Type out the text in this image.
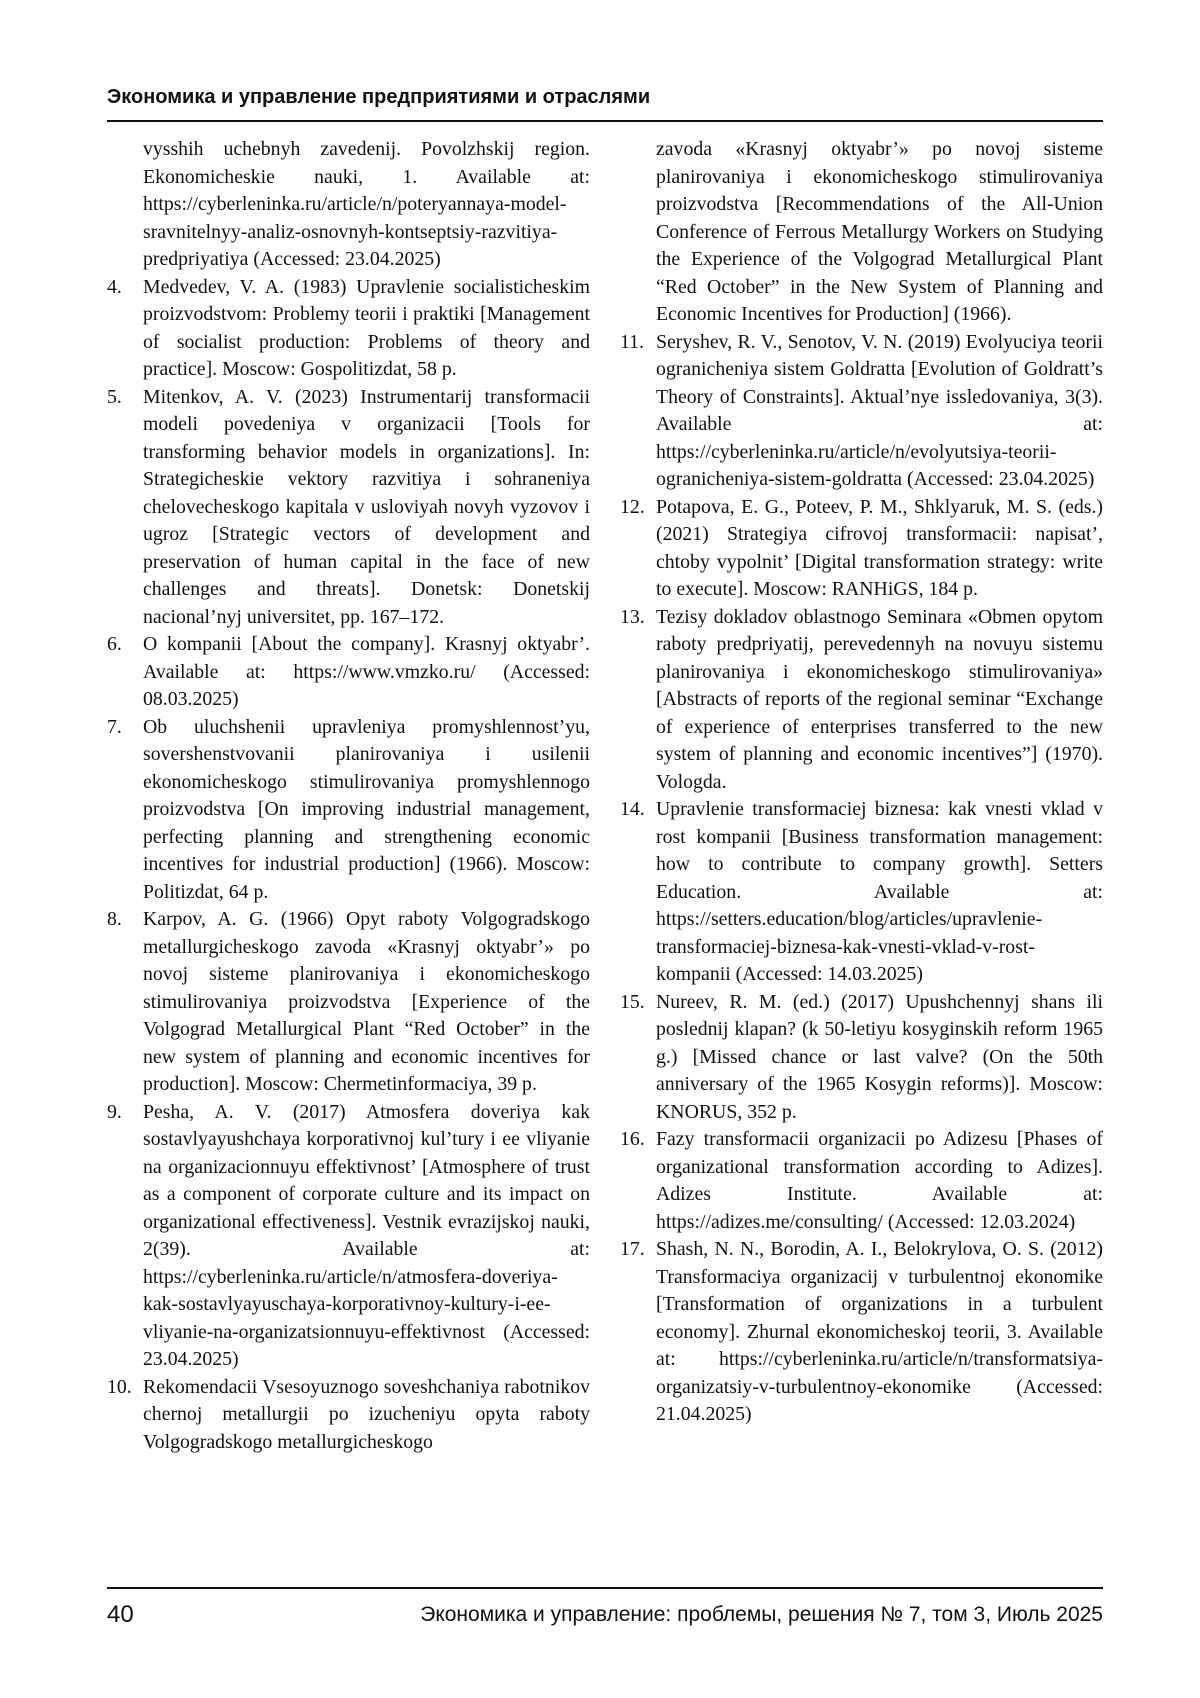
Экономика и управление предприятиями и отраслями
vysshih uchebnyh zavedenij. Povolzhskij region. Ekonomicheskie nauki, 1. Available at: https://cyberleninka.ru/article/n/poteryannaya-model-sravnitelnyy-analiz-osnovnyh-kontseptsiy-razvitiya-predpriyatiya (Accessed: 23.04.2025)
4.	Medvedev, V. A. (1983) Upravlenie socialisticheskim proizvodstvom: Problemy teorii i praktiki [Management of socialist production: Problems of theory and practice]. Moscow: Gospolitizdat, 58 p.
5.	Mitenkov, A. V. (2023) Instrumentarij transformacii modeli povedeniya v organizacii [Tools for transforming behavior models in organizations]. In: Strategicheskie vektory razvitiya i sohraneniya chelovecheskogo kapitala v usloviyah novyh vyzovov i ugroz [Strategic vectors of development and preservation of human capital in the face of new challenges and threats]. Donetsk: Donetskij nacional’nyj universitet, pp. 167–172.
6.	O kompanii [About the company]. Krasnyj oktyabr’. Available at: https://www.vmzko.ru/ (Accessed: 08.03.2025)
7.	Ob uluchshenii upravleniya promyshlennost’yu, sovershenstvovanii planirovaniya i usilenii ekonomicheskogo stimulirovaniya promyshlennogo proizvodstva [On improving industrial management, perfecting planning and strengthening economic incentives for industrial production] (1966). Moscow: Politizdat, 64 p.
8.	Karpov, A. G. (1966) Opyt raboty Volgogradskogo metallurgicheskogo zavoda «Krasnyj oktyabr’» po novoj sisteme planirovaniya i ekonomicheskogo stimulirovaniya proizvodstva [Experience of the Volgograd Metallurgical Plant “Red October” in the new system of planning and economic incentives for production]. Moscow: Chermetinformaciya, 39 p.
9.	Pesha, A. V. (2017) Atmosfera doveriya kak sostavlyayushchaya korporativnoj kul’tury i ee vliyanie na organizacionnuyu effektivnost’ [Atmosphere of trust as a component of corporate culture and its impact on organizational effectiveness]. Vestnik evrazijskoj nauki, 2(39). Available at: https://cyberleninka.ru/article/n/atmosfera-doveriya-kak-sostavlyayuschaya-korporativnoy-kultury-i-ee-vliyanie-na-organizatsionnuyu-effektivnost (Accessed: 23.04.2025)
10. Rekomendacii Vsesoyuznogo soveshchaniya rabotnikov chernoj metallurgii po izucheniyu opyta raboty Volgogradskogo metallurgicheskogo
zavoda «Krasnyj oktyabr’» po novoj sisteme planirovaniya i ekonomicheskogo stimulirovaniya proizvodstva [Recommendations of the All-Union Conference of Ferrous Metallurgy Workers on Studying the Experience of the Volgograd Metallurgical Plant “Red October” in the New System of Planning and Economic Incentives for Production] (1966).
11. Seryshev, R. V., Senotov, V. N. (2019) Evolyuciya teorii ogranicheniya sistem Goldratta [Evolution of Goldratt’s Theory of Constraints]. Aktual’nye issledovaniya, 3(3). Available at: https://cyberleninka.ru/article/n/evolyutsiya-teorii-ogranicheniya-sistem-goldratta (Accessed: 23.04.2025)
12. Potapova, E. G., Poteev, P. M., Shklyaruk, M. S. (eds.) (2021) Strategiya cifrovoj transformacii: napisat’, chtoby vypolnit’ [Digital transformation strategy: write to execute]. Moscow: RANHiGS, 184 p.
13. Tezisy dokladov oblastnogo Seminara «Obmen opytom raboty predpriyatij, perevedennyh na novuyu sistemu planirovaniya i ekonomicheskogo stimulirovaniya» [Abstracts of reports of the regional seminar “Exchange of experience of enterprises transferred to the new system of planning and economic incentives”] (1970). Vologda.
14. Upravlenie transformaciej biznesa: kak vnesti vklad v rost kompanii [Business transformation management: how to contribute to company growth]. Setters Education. Available at: https://setters.education/blog/articles/upravlenie-transformaciej-biznesa-kak-vnesti-vklad-v-rost-kompanii (Accessed: 14.03.2025)
15. Nureev, R. M. (ed.) (2017) Upushchennyj shans ili poslednij klapan? (k 50-letiyu kosyginskih reform 1965 g.) [Missed chance or last valve? (On the 50th anniversary of the 1965 Kosygin reforms)]. Moscow: KNORUS, 352 p.
16. Fazy transformacii organizacii po Adizesu [Phases of organizational transformation according to Adizes]. Adizes Institute. Available at: https://adizes.me/consulting/ (Accessed: 12.03.2024)
17. Shash, N. N., Borodin, A. I., Belokrylova, O. S. (2012) Transformaciya organizacij v turbulentnoj ekonomike [Transformation of organizations in a turbulent economy]. Zhurnal ekonomicheskoj teorii, 3. Available at: https://cyberleninka.ru/article/n/transformatsiya-organizatsiy-v-turbulentnoy-ekonomike (Accessed: 21.04.2025)
40	Экономика и управление: проблемы, решения № 7, том 3, Июль 2025
